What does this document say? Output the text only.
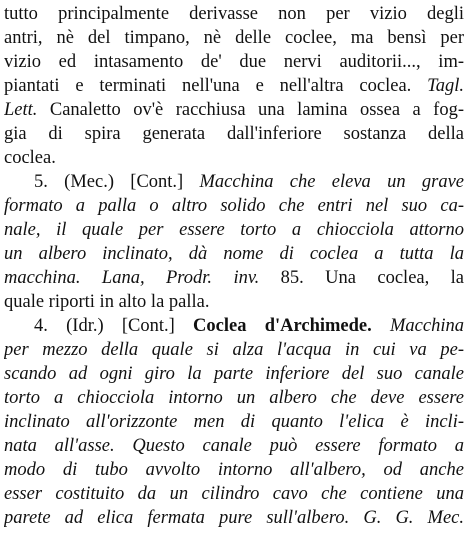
tutto principalmente derivasse non per vizio degli
antri, nè del timpano, nè delle coclee, ma bensì per
vizio ed intasamento de' due nervi auditorii..., im-
piantati e terminati nell'una e nell'altra coclea. Tagl.
Lett. Canaletto ov'è racchiusa una lamina ossea a fog-
gia di spira generata dall'inferiore sostanza della
coclea.
5. (Mec.) [Cont.] Macchina che eleva un grave
formato a palla o altro solido che entri nel suo ca-
nale, il quale per essere torto a chiocciola attorno
un albero inclinato, dà nome di coclea a tutta la
macchina. Lana, Prodr. inv. 85. Una coclea, la
quale riporti in alto la palla.
4. (Idr.) [Cont.] Coclea d'Archimede. Macchina
per mezzo della quale si alza l'acqua in cui va pe-
scando ad ogni giro la parte inferiore del suo canale
torto a chiocciola intorno un albero che deve essere
inclinato all'orizzonte men di quanto l'elica è incli-
nata all'asse. Questo canale può essere formato a
modo di tubo avvolto intorno all'albero, od anche
esser costituito da un cilindro cavo che contiene una
parete ad elica fermata pure sull'albero. G. G. Mec.
